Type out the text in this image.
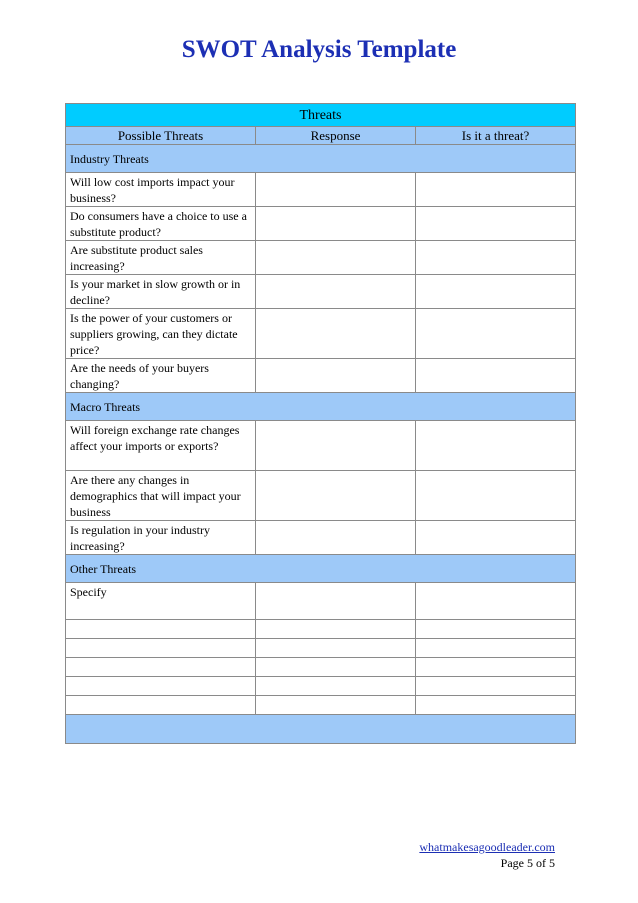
SWOT Analysis Template
Threats		
Possible Threats	Response	Is it a threat?
Industry Threats		
Will low cost imports impact your business?		
Do consumers have a choice to use a substitute product?		
Are substitute product sales increasing?		
Is your market in slow growth or in decline?		
Is the power of your customers or suppliers growing, can they dictate price?		
Are the needs of your buyers changing?		
Macro Threats		
Will foreign exchange rate changes affect your imports or exports?		
Are there any changes in demographics that will impact your business		
Is regulation in your industry increasing?		
Other Threats		
Specify		

whatmakesagoodleader.com
Page 5 of 5
